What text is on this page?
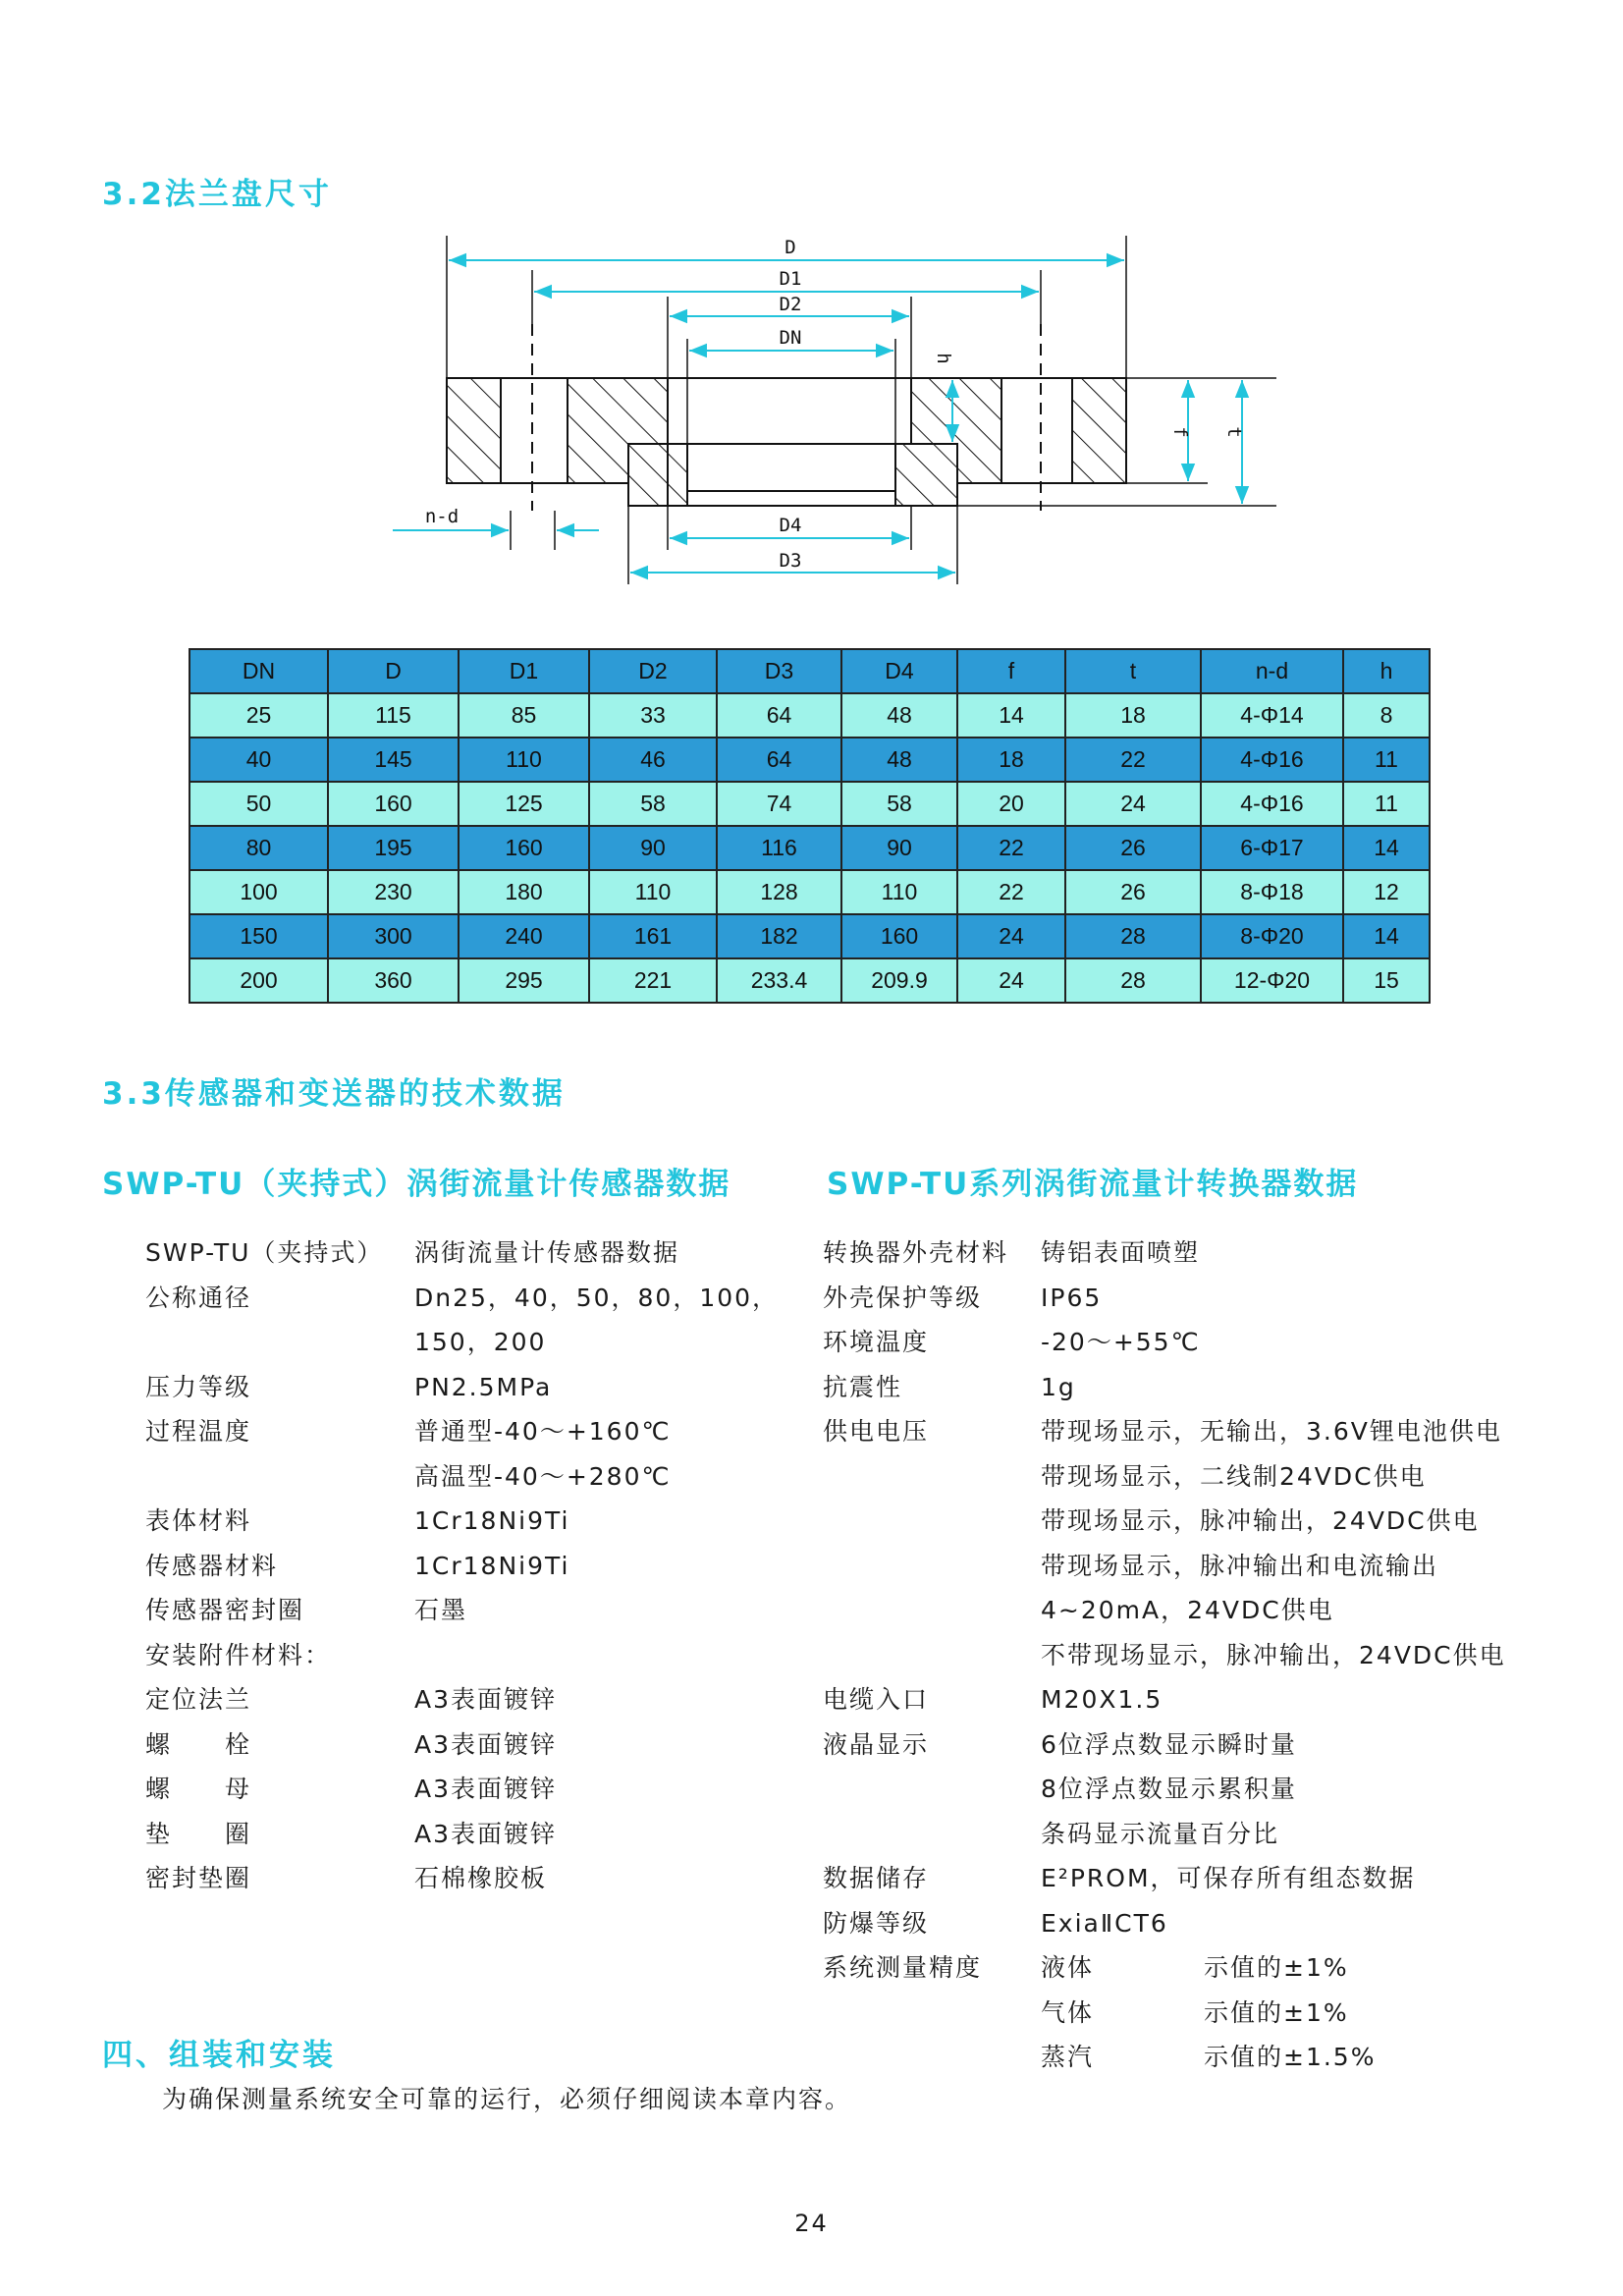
3.2法兰盘尺寸
D
D1
D2
DN
D4
D3
n-d
h
f t
DN	D	D1	D2	D3	D4	f	t	n-d	h
25	115	85	33	64	48	14	18	4-Φ14	8
40	145	110	46	64	48	18	22	4-Φ16	11
50	160	125	58	74	58	20	24	4-Φ16	11
80	195	160	90	116	90	22	26	6-Φ17	14
100	230	180	110	128	110	22	26	8-Φ18	12
150	300	240	161	182	160	24	28	8-Φ20	14
200	360	295	221	233.4	209.9	24	28	12-Φ20	15
3.3传感器和变送器的技术数据
SWP-TU（夹持式）涡街流量计传感器数据	SWP-TU系列涡街流量计转换器数据
SWP-TU（夹持式）	涡街流量计传感器数据
公称通径	Dn25，40，50，80，100，
150，200
压力等级	PN2.5MPa
过程温度	普通型-40～+160℃
高温型-40～+280℃
表体材料	1Cr18Ni9Ti
传感器材料	1Cr18Ni9Ti
传感器密封圈	石墨
安装附件材料：
定位法兰	A3表面镀锌
螺　　栓	A3表面镀锌
螺　　母	A3表面镀锌
垫　　圈	A3表面镀锌
密封垫圈	石棉橡胶板
转换器外壳材料	铸铝表面喷塑
外壳保护等级	IP65
环境温度	-20～+55℃
抗震性	1g
供电电压	带现场显示，无输出，3.6V锂电池供电
带现场显示，二线制24VDC供电
带现场显示，脉冲输出，24VDC供电
带现场显示，脉冲输出和电流输出
4~20mA，24VDC供电
不带现场显示，脉冲输出，24VDC供电
电缆入口	M20X1.5
液晶显示	6位浮点数显示瞬时量
8位浮点数显示累积量
条码显示流量百分比
数据储存	E²PROM，可保存所有组态数据
防爆等级	ExiaⅡCT6
系统测量精度	液体	示值的±1%
气体	示值的±1%
蒸汽	示值的±1.5%
四、组装和安装

为确保测量系统安全可靠的运行，必须仔细阅读本章内容。

24
